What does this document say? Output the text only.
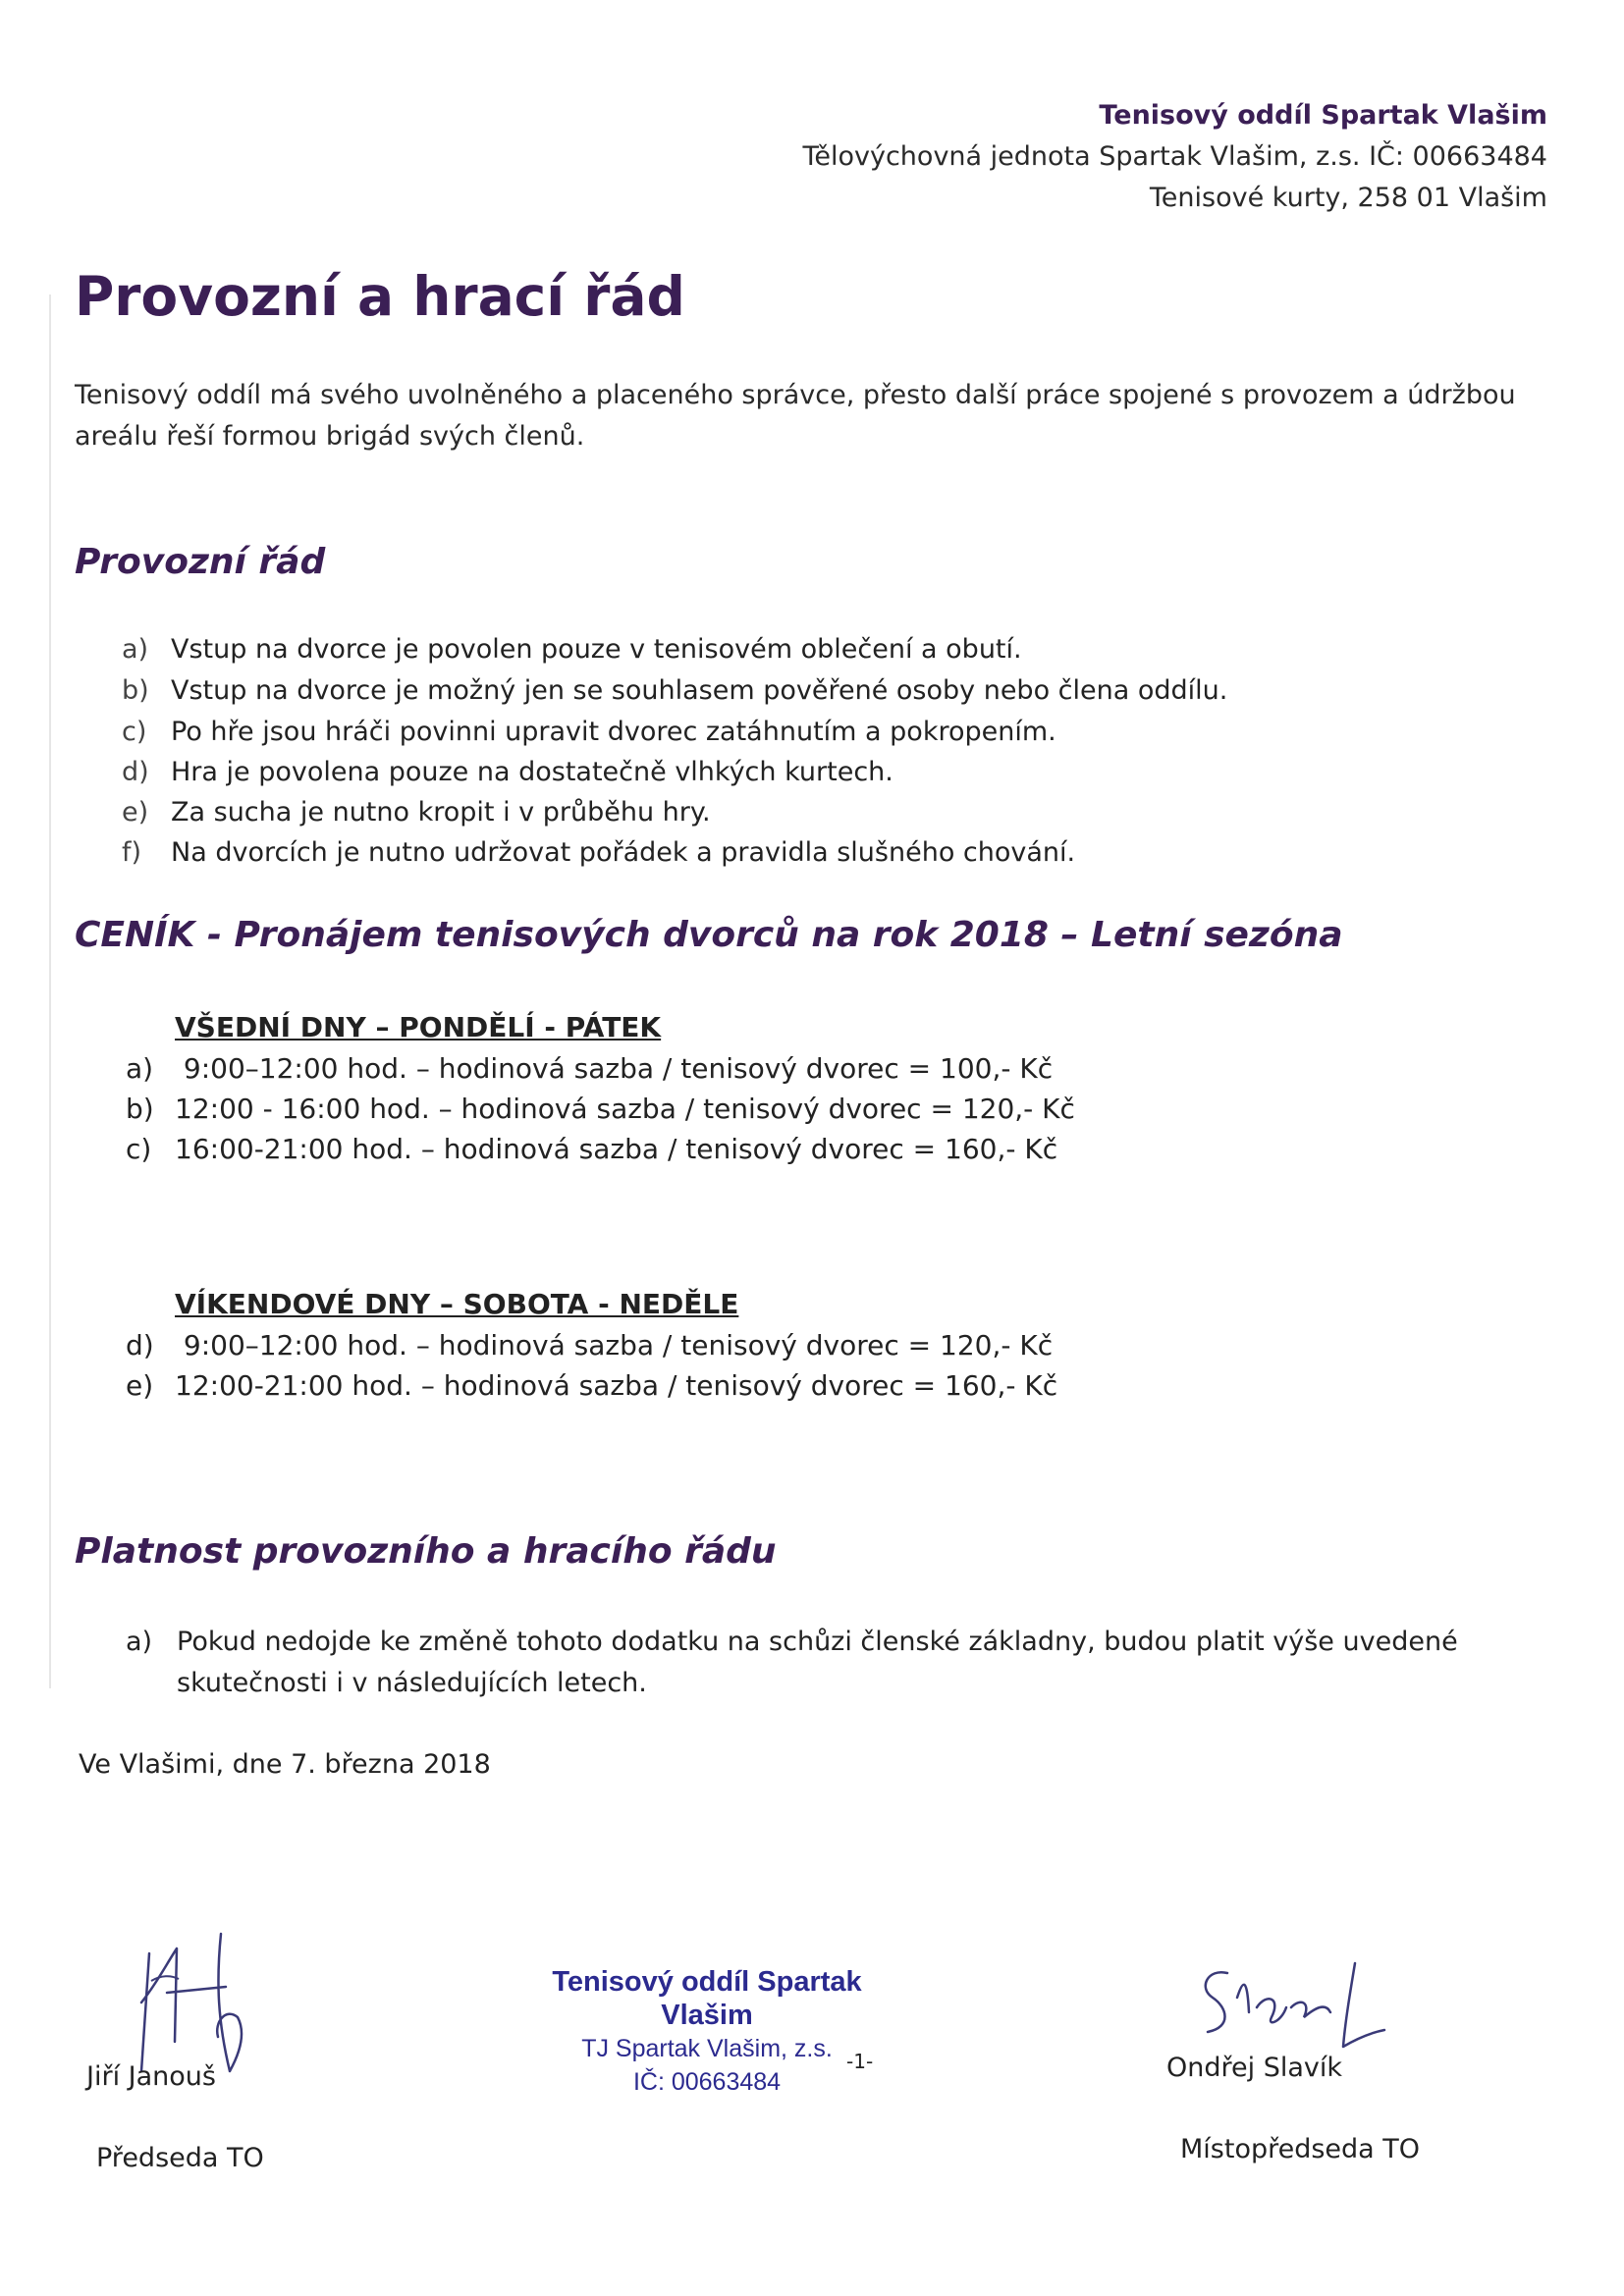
Tenisový oddíl Spartak Vlašim
Tělovýchovná jednota Spartak Vlašim, z.s. IČ: 00663484
Tenisové kurty, 258 01 Vlašim
Provozní a hrací řád
Tenisový oddíl má svého uvolněného a placeného správce, přesto další práce spojené s provozem a údržbou areálu řeší formou brigád svých členů.
Provozní řád
a) Vstup na dvorce je povolen pouze v tenisovém oblečení a obutí.
b) Vstup na dvorce je možný jen se souhlasem pověřené osoby nebo člena oddílu.
c) Po hře jsou hráči povinni upravit dvorec zatáhnutím a pokropením.
d) Hra je povolena pouze na dostatečně vlhkých kurtech.
e) Za sucha je nutno kropit i v průběhu hry.
f) Na dvorcích je nutno udržovat pořádek a pravidla slušného chování.
CENÍK - Pronájem tenisových dvorců na rok 2018 – Letní sezóna
VŠEDNÍ DNY – PONDĚLÍ - PÁTEK
a) 9:00–12:00 hod. – hodinová sazba / tenisový dvorec = 100,- Kč
b) 12:00 - 16:00 hod. – hodinová sazba / tenisový dvorec = 120,- Kč
c) 16:00-21:00 hod. – hodinová sazba / tenisový dvorec = 160,- Kč
VÍKENDOVÉ DNY – SOBOTA - NEDĚLE
d) 9:00–12:00 hod. – hodinová sazba / tenisový dvorec = 120,- Kč
e) 12:00-21:00 hod. – hodinová sazba / tenisový dvorec = 160,- Kč
Platnost provozního a hracího řádu
a) Pokud nedojde ke změně tohoto dodatku na schůzi členské základny, budou platit výše uvedené skutečnosti i v následujících letech.
Ve Vlašimi, dne 7. března 2018
Jiří Janouš
Předseda TO
Tenisový oddíl Spartak Vlašim
TJ Spartak Vlašim, z.s.
IČ: 00663484
-1-	Ondřej Slavík
Místopředseda TO
